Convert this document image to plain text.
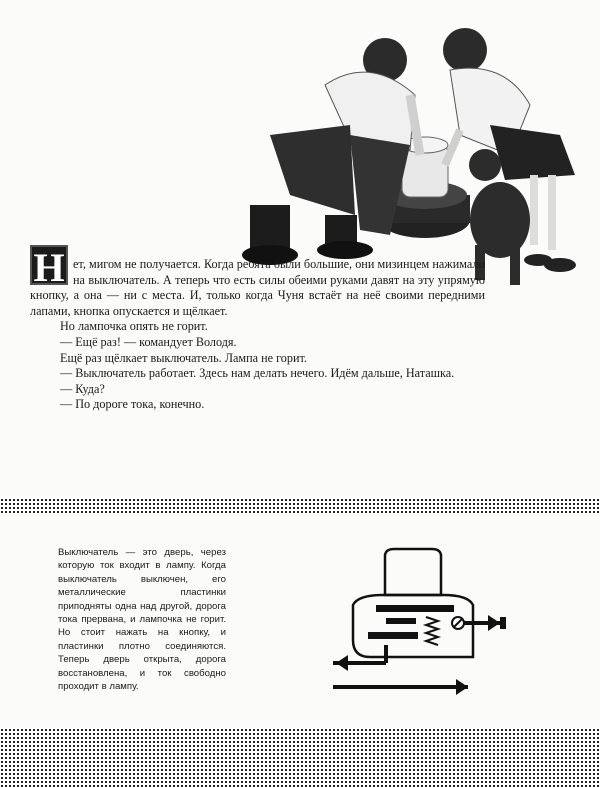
Н ет, мигом не получается. Когда ребята были большие, они мизинцем нажимали на выключатель. А теперь что есть силы обеими руками давят на эту упрямую кнопку, а она — ни с места. И, только когда Чуня встаёт на неё своими передними лапами, кнопка опускается и щёлкает.

Но лампочка опять не горит.

— Ещё раз! — командует Володя.

Ещё раз щёлкает выключатель. Лампа не горит.

— Выключатель работает. Здесь нам делать нечего. Идём дальше, Наташка.

— Куда?

— По дороге тока, конечно.

Выключатель — это дверь, через которую ток входит в лампу. Когда выключатель выключен, его металлические пластинки приподняты одна над другой, дорога тока прервана, и лампочка не горит. Но стоит нажать на кнопку, и пластинки плотно соединяются. Теперь дверь открыта, дорога восстановлена, и ток свободно проходит в лампу.
